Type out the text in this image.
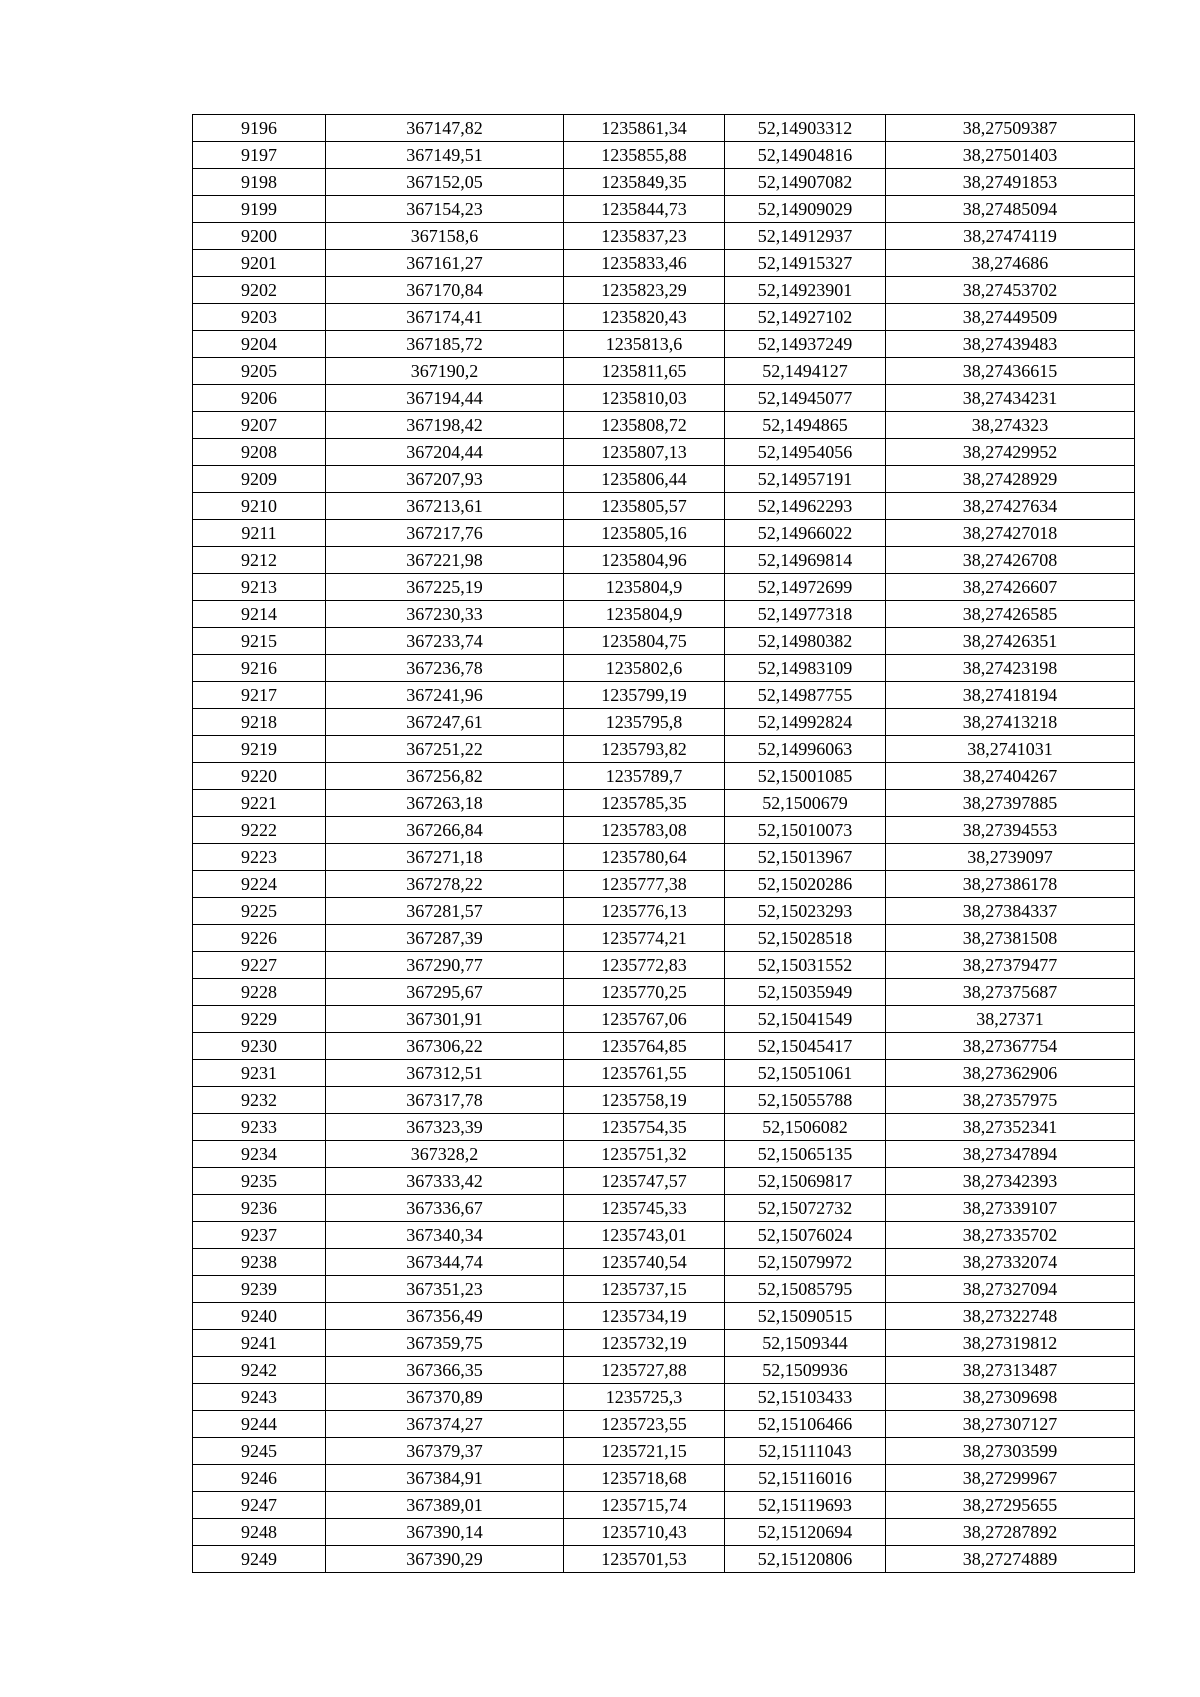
9196	367147,82	1235861,34	52,14903312	38,27509387
9197	367149,51	1235855,88	52,14904816	38,27501403
9198	367152,05	1235849,35	52,14907082	38,27491853
9199	367154,23	1235844,73	52,14909029	38,27485094
9200	367158,6	1235837,23	52,14912937	38,27474119
9201	367161,27	1235833,46	52,14915327	38,274686
9202	367170,84	1235823,29	52,14923901	38,27453702
9203	367174,41	1235820,43	52,14927102	38,27449509
9204	367185,72	1235813,6	52,14937249	38,27439483
9205	367190,2	1235811,65	52,1494127	38,27436615
9206	367194,44	1235810,03	52,14945077	38,27434231
9207	367198,42	1235808,72	52,1494865	38,274323
9208	367204,44	1235807,13	52,14954056	38,27429952
9209	367207,93	1235806,44	52,14957191	38,27428929
9210	367213,61	1235805,57	52,14962293	38,27427634
9211	367217,76	1235805,16	52,14966022	38,27427018
9212	367221,98	1235804,96	52,14969814	38,27426708
9213	367225,19	1235804,9	52,14972699	38,27426607
9214	367230,33	1235804,9	52,14977318	38,27426585
9215	367233,74	1235804,75	52,14980382	38,27426351
9216	367236,78	1235802,6	52,14983109	38,27423198
9217	367241,96	1235799,19	52,14987755	38,27418194
9218	367247,61	1235795,8	52,14992824	38,27413218
9219	367251,22	1235793,82	52,14996063	38,2741031
9220	367256,82	1235789,7	52,15001085	38,27404267
9221	367263,18	1235785,35	52,1500679	38,27397885
9222	367266,84	1235783,08	52,15010073	38,27394553
9223	367271,18	1235780,64	52,15013967	38,2739097
9224	367278,22	1235777,38	52,15020286	38,27386178
9225	367281,57	1235776,13	52,15023293	38,27384337
9226	367287,39	1235774,21	52,15028518	38,27381508
9227	367290,77	1235772,83	52,15031552	38,27379477
9228	367295,67	1235770,25	52,15035949	38,27375687
9229	367301,91	1235767,06	52,15041549	38,27371
9230	367306,22	1235764,85	52,15045417	38,27367754
9231	367312,51	1235761,55	52,15051061	38,27362906
9232	367317,78	1235758,19	52,15055788	38,27357975
9233	367323,39	1235754,35	52,1506082	38,27352341
9234	367328,2	1235751,32	52,15065135	38,27347894
9235	367333,42	1235747,57	52,15069817	38,27342393
9236	367336,67	1235745,33	52,15072732	38,27339107
9237	367340,34	1235743,01	52,15076024	38,27335702
9238	367344,74	1235740,54	52,15079972	38,27332074
9239	367351,23	1235737,15	52,15085795	38,27327094
9240	367356,49	1235734,19	52,15090515	38,27322748
9241	367359,75	1235732,19	52,1509344	38,27319812
9242	367366,35	1235727,88	52,1509936	38,27313487
9243	367370,89	1235725,3	52,15103433	38,27309698
9244	367374,27	1235723,55	52,15106466	38,27307127
9245	367379,37	1235721,15	52,15111043	38,27303599
9246	367384,91	1235718,68	52,15116016	38,27299967
9247	367389,01	1235715,74	52,15119693	38,27295655
9248	367390,14	1235710,43	52,15120694	38,27287892
9249	367390,29	1235701,53	52,15120806	38,27274889
